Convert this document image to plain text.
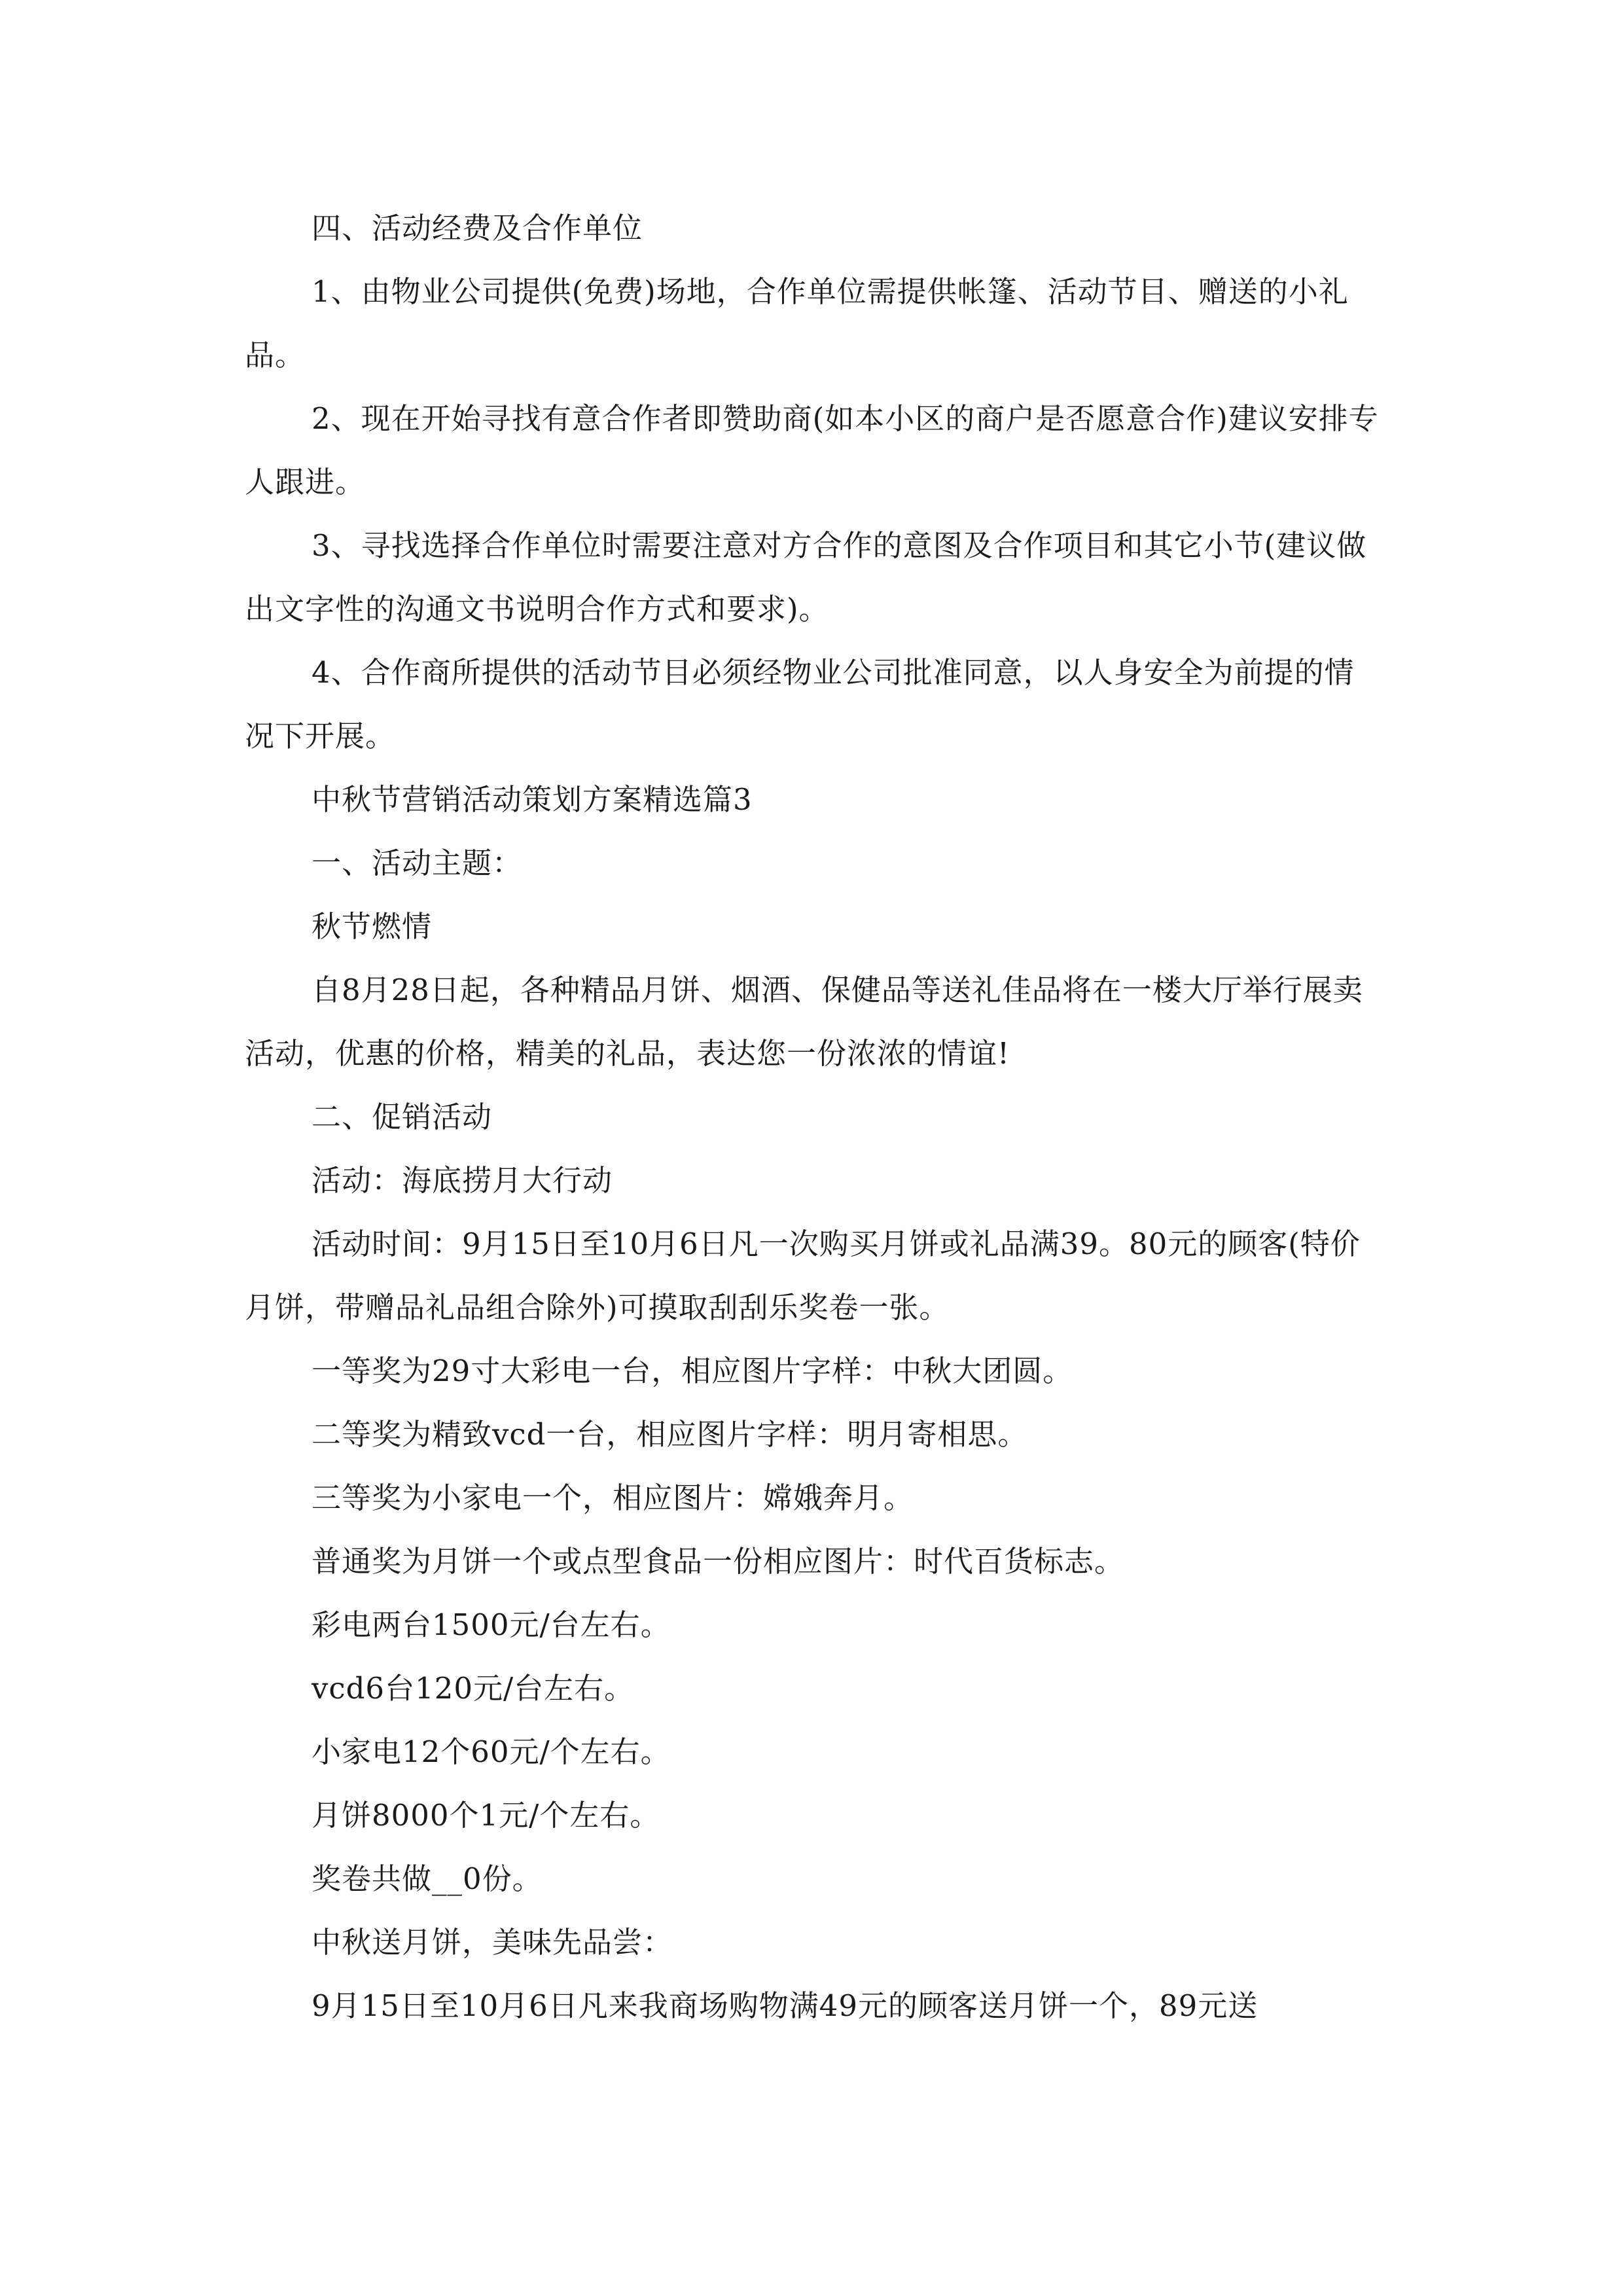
四、活动经费及合作单位

1、由物业公司提供(免费)场地，合作单位需提供帐篷、活动节目、赠送的小礼品。

2、现在开始寻找有意合作者即赞助商(如本小区的商户是否愿意合作)建议安排专人跟进。

3、寻找选择合作单位时需要注意对方合作的意图及合作项目和其它小节(建议做出文字性的沟通文书说明合作方式和要求)。

4、合作商所提供的活动节目必须经物业公司批准同意，以人身安全为前提的情况下开展。

中秋节营销活动策划方案精选篇3

一、活动主题：

秋节燃情

自8月28日起，各种精品月饼、烟酒、保健品等送礼佳品将在一楼大厅举行展卖活动，优惠的价格，精美的礼品，表达您一份浓浓的情谊!

二、促销活动

活动：海底捞月大行动

活动时间：9月15日至10月6日凡一次购买月饼或礼品满39。80元的顾客(特价月饼，带赠品礼品组合除外)可摸取刮刮乐奖卷一张。

一等奖为29寸大彩电一台，相应图片字样：中秋大团圆。

二等奖为精致vcd一台，相应图片字样：明月寄相思。

三等奖为小家电一个，相应图片：嫦娥奔月。

普通奖为月饼一个或点型食品一份相应图片：时代百货标志。

彩电两台1500元/台左右。

vcd6台120元/台左右。

小家电12个60元/个左右。

月饼8000个1元/个左右。

奖卷共做__0份。

中秋送月饼，美味先品尝：

9月15日至10月6日凡来我商场购物满49元的顾客送月饼一个，89元送
